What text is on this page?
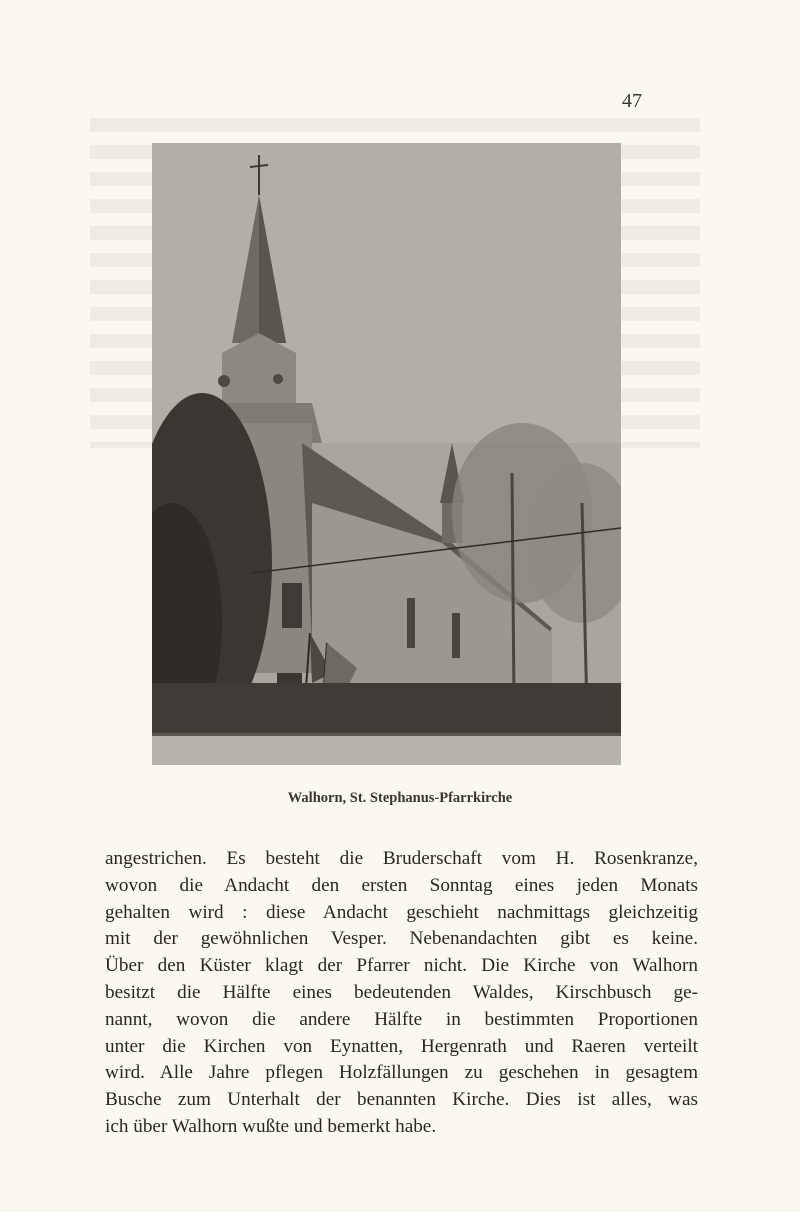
47
Walhorn, St. Stephanus-Pfarrkirche
angestrichen. Es besteht die Bruderschaft vom H. Rosenkranze,
wovon die Andacht den ersten Sonntag eines jeden Monats
gehalten wird : diese Andacht geschieht nachmittags gleichzeitig
mit der gewöhnlichen Vesper. Nebenandachten gibt es keine.
Über den Küster klagt der Pfarrer nicht. Die Kirche von Walhorn
besitzt die Hälfte eines bedeutenden Waldes, Kirschbusch ge-
nannt, wovon die andere Hälfte in bestimmten Proportionen
unter die Kirchen von Eynatten, Hergenrath und Raeren verteilt
wird. Alle Jahre pflegen Holzfällungen zu geschehen in gesagtem
Busche zum Unterhalt der benannten Kirche. Dies ist alles, was
ich über Walhorn wußte und bemerkt habe.
